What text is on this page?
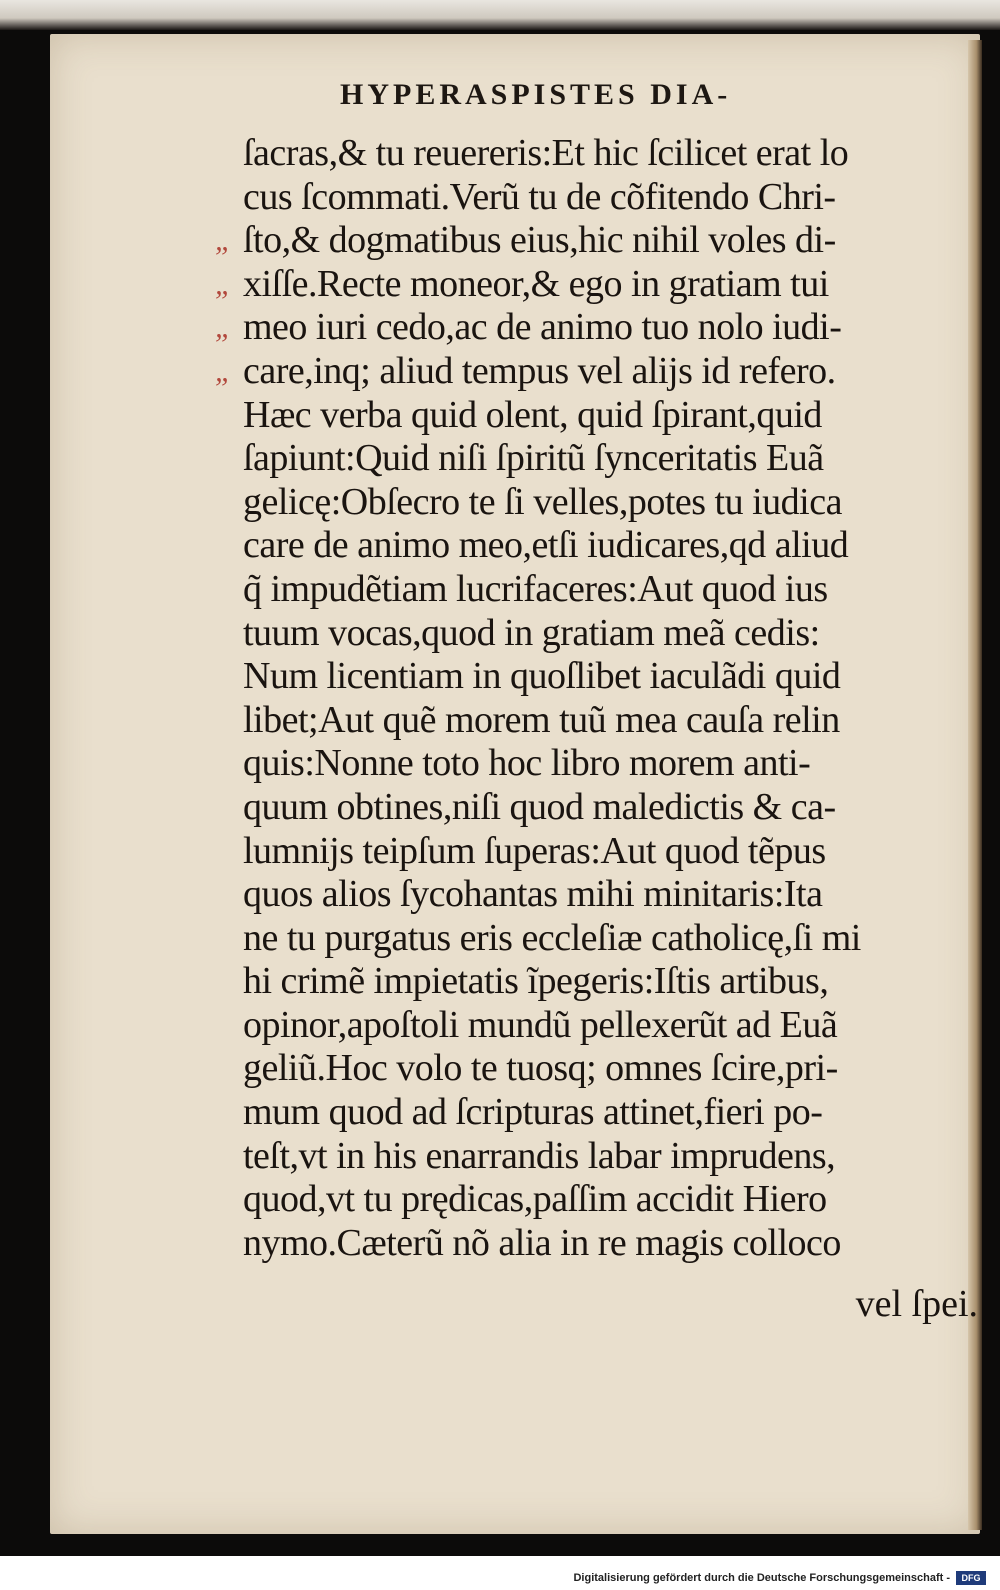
HYPERASPISTES DIA-
ſacras,& tu reuereris:Et hic ſcilicet erat lo
cus ſcommati.Verũ tu de cõfitendo Chri-
„ ſto,& dogmatibus eius,hic nihil voles di-
„ xiſſe.Recte moneor,& ego in gratiam tui
„ meo iuri cedo,ac de animo tuo nolo iudi-
„ care,inq; aliud tempus vel alijs id refero.
Hæc verba quid olent, quid ſpirant,quid
ſapiunt:Quid niſi ſpiritũ ſynceritatis Euã
gelicę:Obſecro te ſi velles,potes tu iudica
care de animo meo,etſi iudicares,qd aliud
q̃ impudẽtiam lucrifaceres:Aut quod ius
tuum vocas,quod in gratiam meã cedis:
Num licentiam in quoſlibet iaculãdi quid
libet;Aut quẽ morem tuũ mea cauſa relin
quis:Nonne toto hoc libro morem anti-
quum obtines,niſi quod maledictis & ca-
lumnijs teipſum ſuperas:Aut quod tẽpus
quos alios ſycohantas mihi minitaris:Ita
ne tu purgatus eris eccleſiæ catholicę,ſi mi
hi crimẽ impietatis ĩpegeris:Iſtis artibus,
opinor,apoſtoli mundũ pellexerũt ad Euã
geliũ.Hoc volo te tuosq; omnes ſcire,pri-
mum quod ad ſcripturas attinet,fieri po-
teſt,vt in his enarrandis labar imprudens,
quod,vt tu prędicas,paſſim accidit Hiero
nymo.Cæterũ nõ alia in re magis colloco
vel ſpei.
Digitalisierung gefördert durch die Deutsche Forschungsgemeinschaft -	DFG
